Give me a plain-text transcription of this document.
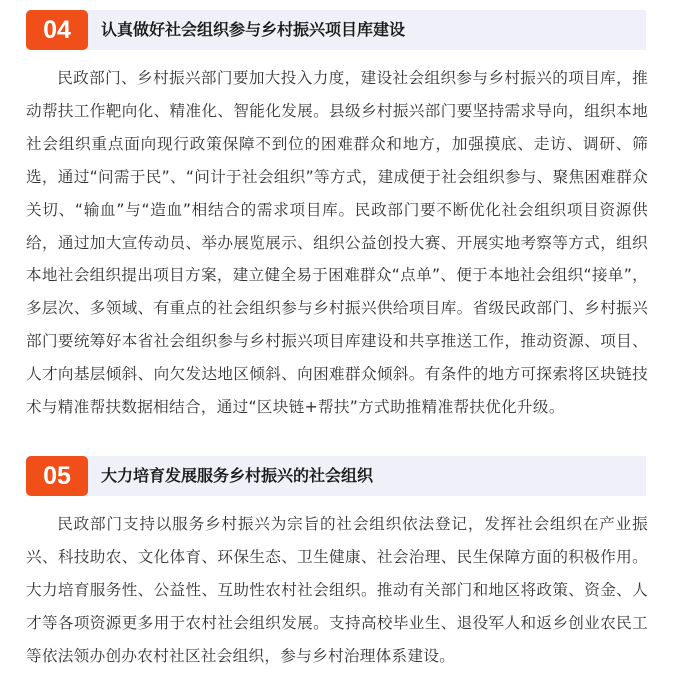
04	认真做好社会组织参与乡村振兴项目库建设

民政部门、乡村振兴部门要加大投入力度，建设社会组织参与乡村振兴的项目库，推动帮扶工作靶向化、精准化、智能化发展。县级乡村振兴部门要坚持需求导向，组织本地社会组织重点面向现行政策保障不到位的困难群众和地方，加强摸底、走访、调研、筛选，通过“问需于民”、“问计于社会组织”等方式，建成便于社会组织参与、聚焦困难群众关切、“输血”与“造血”相结合的需求项目库。民政部门要不断优化社会组织项目资源供给，通过加大宣传动员、举办展览展示、组织公益创投大赛、开展实地考察等方式，组织本地社会组织提出项目方案，建立健全易于困难群众“点单”、便于本地社会组织“接单”，多层次、多领域、有重点的社会组织参与乡村振兴供给项目库。省级民政部门、乡村振兴部门要统筹好本省社会组织参与乡村振兴项目库建设和共享推送工作，推动资源、项目、人才向基层倾斜、向欠发达地区倾斜、向困难群众倾斜。有条件的地方可探索将区块链技术与精准帮扶数据相结合，通过“区块链+帮扶”方式助推精准帮扶优化升级。

05	大力培育发展服务乡村振兴的社会组织

民政部门支持以服务乡村振兴为宗旨的社会组织依法登记，发挥社会组织在产业振兴、科技助农、文化体育、环保生态、卫生健康、社会治理、民生保障方面的积极作用。大力培育服务性、公益性、互助性农村社会组织。推动有关部门和地区将政策、资金、人才等各项资源更多用于农村社会组织发展。支持高校毕业生、退役军人和返乡创业农民工等依法领办创办农村社区社会组织，参与乡村治理体系建设。
